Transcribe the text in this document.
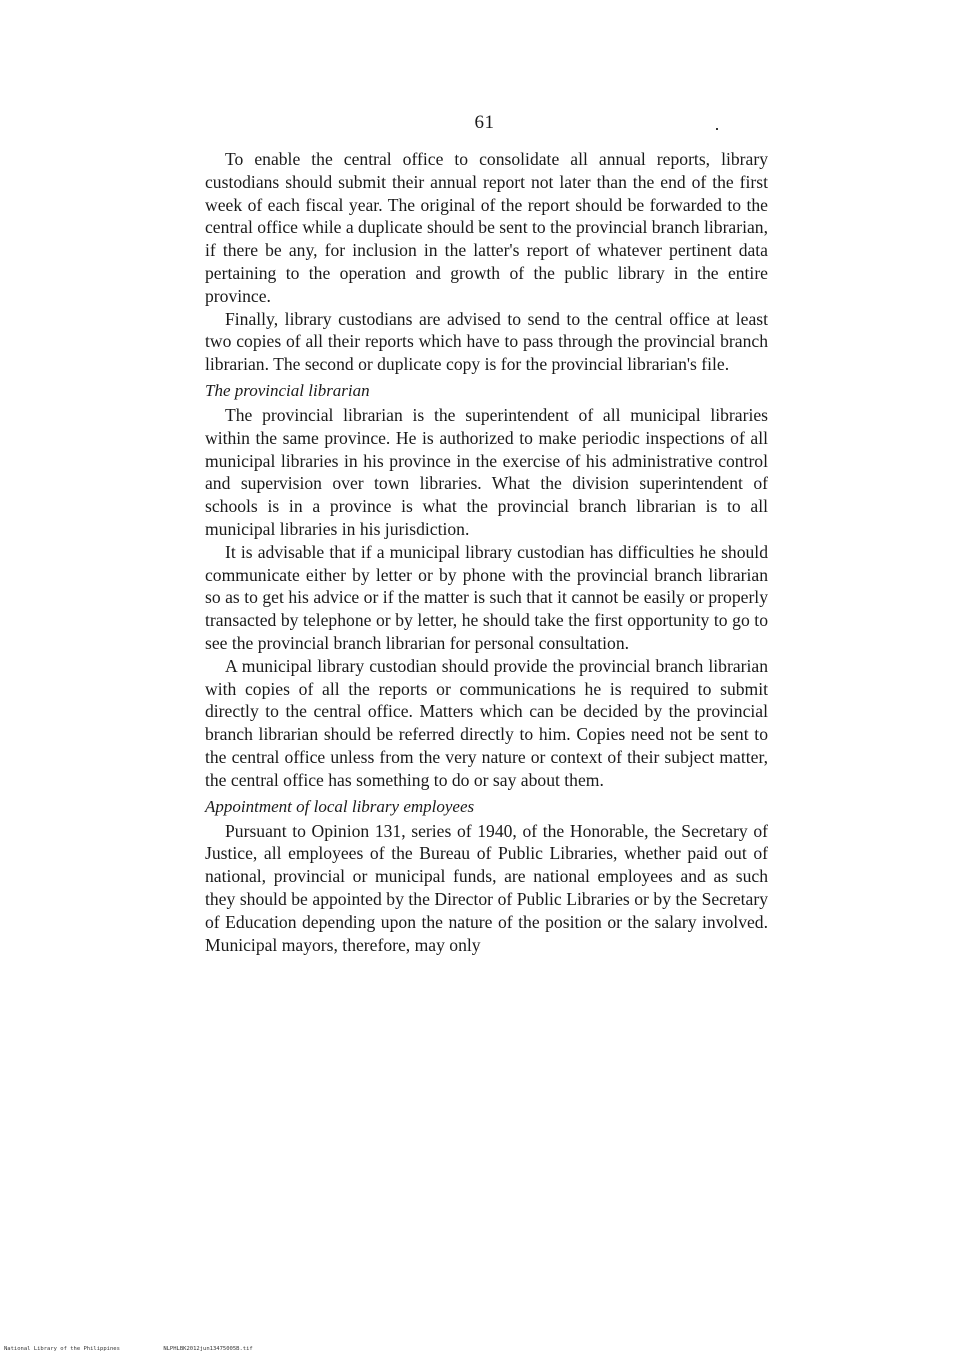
61

To enable the central office to consolidate all annual reports, library custodians should submit their annual report not later than the end of the first week of each fiscal year. The original of the report should be forwarded to the central office while a duplicate should be sent to the provincial branch librarian, if there be any, for inclusion in the latter's report of whatever pertinent data pertaining to the operation and growth of the public library in the entire province.

Finally, library custodians are advised to send to the central office at least two copies of all their reports which have to pass through the provincial branch librarian. The second or duplicate copy is for the provincial librarian's file.

The provincial librarian

The provincial librarian is the superintendent of all municipal libraries within the same province. He is authorized to make periodic inspections of all municipal libraries in his province in the exercise of his administrative control and supervision over town libraries. What the division superintendent of schools is in a province is what the provincial branch librarian is to all municipal libraries in his jurisdiction.

It is advisable that if a municipal library custodian has difficulties he should communicate either by letter or by phone with the provincial branch librarian so as to get his advice or if the matter is such that it cannot be easily or properly transacted by telephone or by letter, he should take the first opportunity to go to see the provincial branch librarian for personal consultation.

A municipal library custodian should provide the provincial branch librarian with copies of all the reports or communications he is required to submit directly to the central office. Matters which can be decided by the provincial branch librarian should be referred directly to him. Copies need not be sent to the central office unless from the very nature or context of their subject matter, the central office has something to do or say about them.

Appointment of local library employees

Pursuant to Opinion 131, series of 1940, of the Honorable, the Secretary of Justice, all employees of the Bureau of Public Libraries, whether paid out of national, provincial or municipal funds, are national employees and as such they should be appointed by the Director of Public Libraries or by the Secretary of Education depending upon the nature of the position or the salary involved. Municipal mayors, therefore, may only

National Library of the Philippines	NLPHLBK2012jun13475005B.tif
